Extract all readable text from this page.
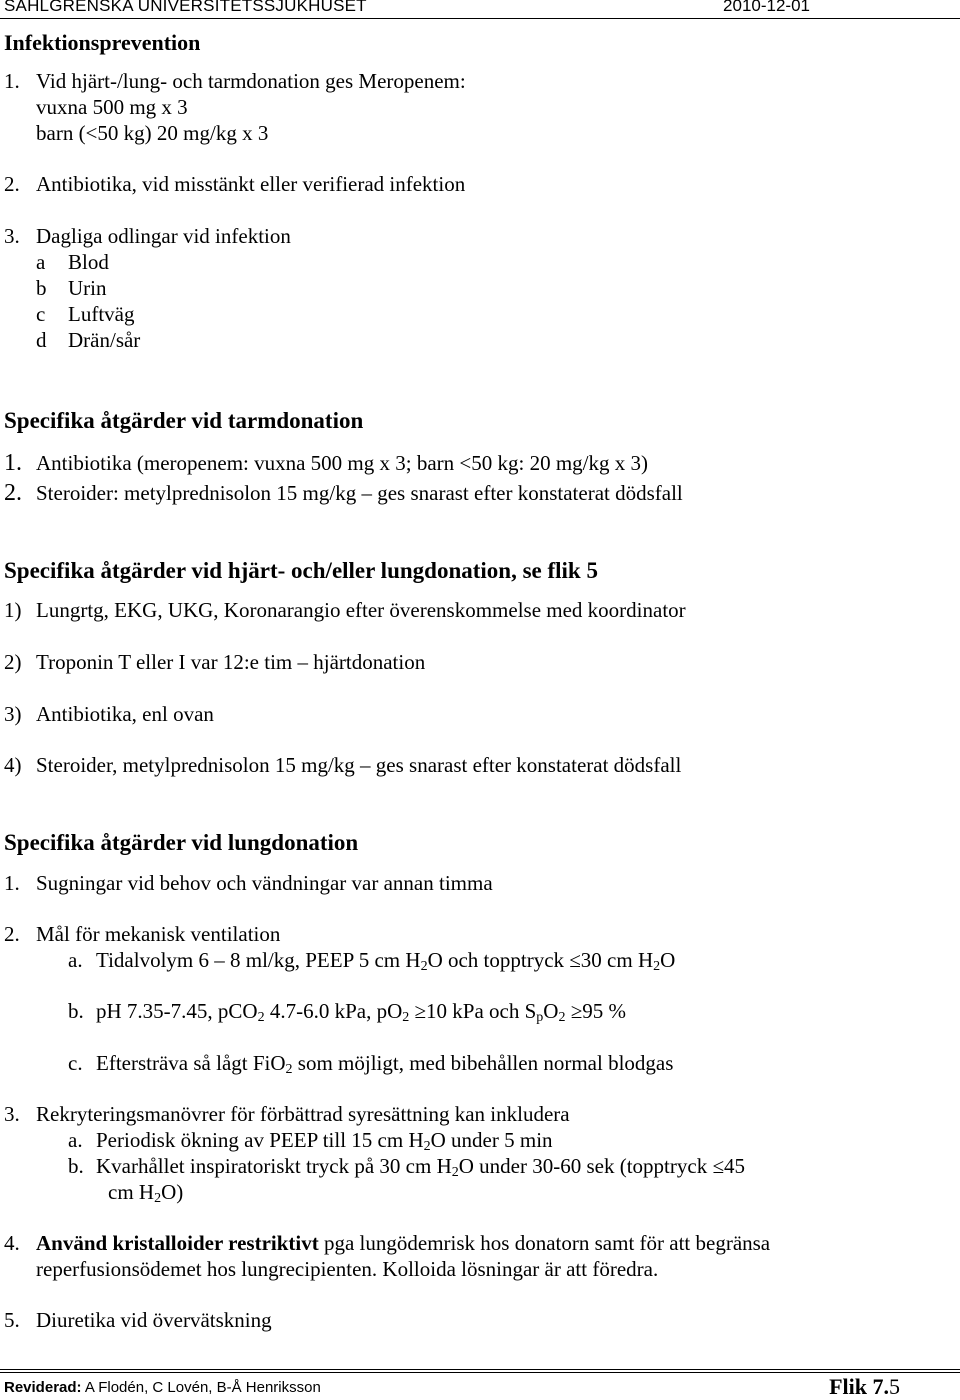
SAHLGRENSKA UNIVERSITETSSJUKHUSET	2010-12-01
Infektionsprevention
1. Vid hjärt-/lung- och tarmdonation ges Meropenem:
vuxna 500 mg x 3
barn (<50 kg) 20 mg/kg x 3
2. Antibiotika, vid misstänkt eller verifierad infektion
3. Dagliga odlingar vid infektion
a Blod
b Urin
c Luftväg
d Drän/sår
Specifika åtgärder vid tarmdonation
1. Antibiotika (meropenem: vuxna 500 mg x 3; barn <50 kg: 20 mg/kg x 3)
2. Steroider: metylprednisolon 15 mg/kg – ges snarast efter konstaterat dödsfall
Specifika åtgärder vid hjärt- och/eller lungdonation, se flik 5
1) Lungrtg, EKG, UKG, Koronarangio efter överenskommelse med koordinator
2) Troponin T eller I var 12:e tim – hjärtdonation
3) Antibiotika, enl ovan
4) Steroider, metylprednisolon 15 mg/kg – ges snarast efter konstaterat dödsfall
Specifika åtgärder vid lungdonation
1. Sugningar vid behov och vändningar var annan timma
2. Mål för mekanisk ventilation
a. Tidalvolym 6 – 8 ml/kg, PEEP 5 cm $H_2O$ och topptryck ≤30 cm $H_2O$
b. pH 7.35-7.45, pCO$_2$ 4.7-6.0 kPa, $pO_2 \ge 10$ kPa och $S_pO_2 \ge 95$ %
c. Eftersträva så lågt FiO$_2$ som möjligt, med bibehållen normal blodgas
3. Rekryteringsmanövrer för förbättrad syresättning kan inkludera
a. Periodisk ökning av PEEP till 15 cm $H_2O$ under 5 min
b. Kvarhållet inspiratoriskt tryck på 30 cm $H_2O$ under 30-60 sek (topptryck ≤45
cm $H_2O$)
4. Använd kristalloider restriktivt pga lungödemrisk hos donatorn samt för att begränsa
reperfusionsödemet hos lungrecipienten. Kolloida lösningar är att föredra.
5. Diuretika vid övervätskning
Reviderad: A Flodén, C Lovén, B-Å Henriksson	Flik 7.5
